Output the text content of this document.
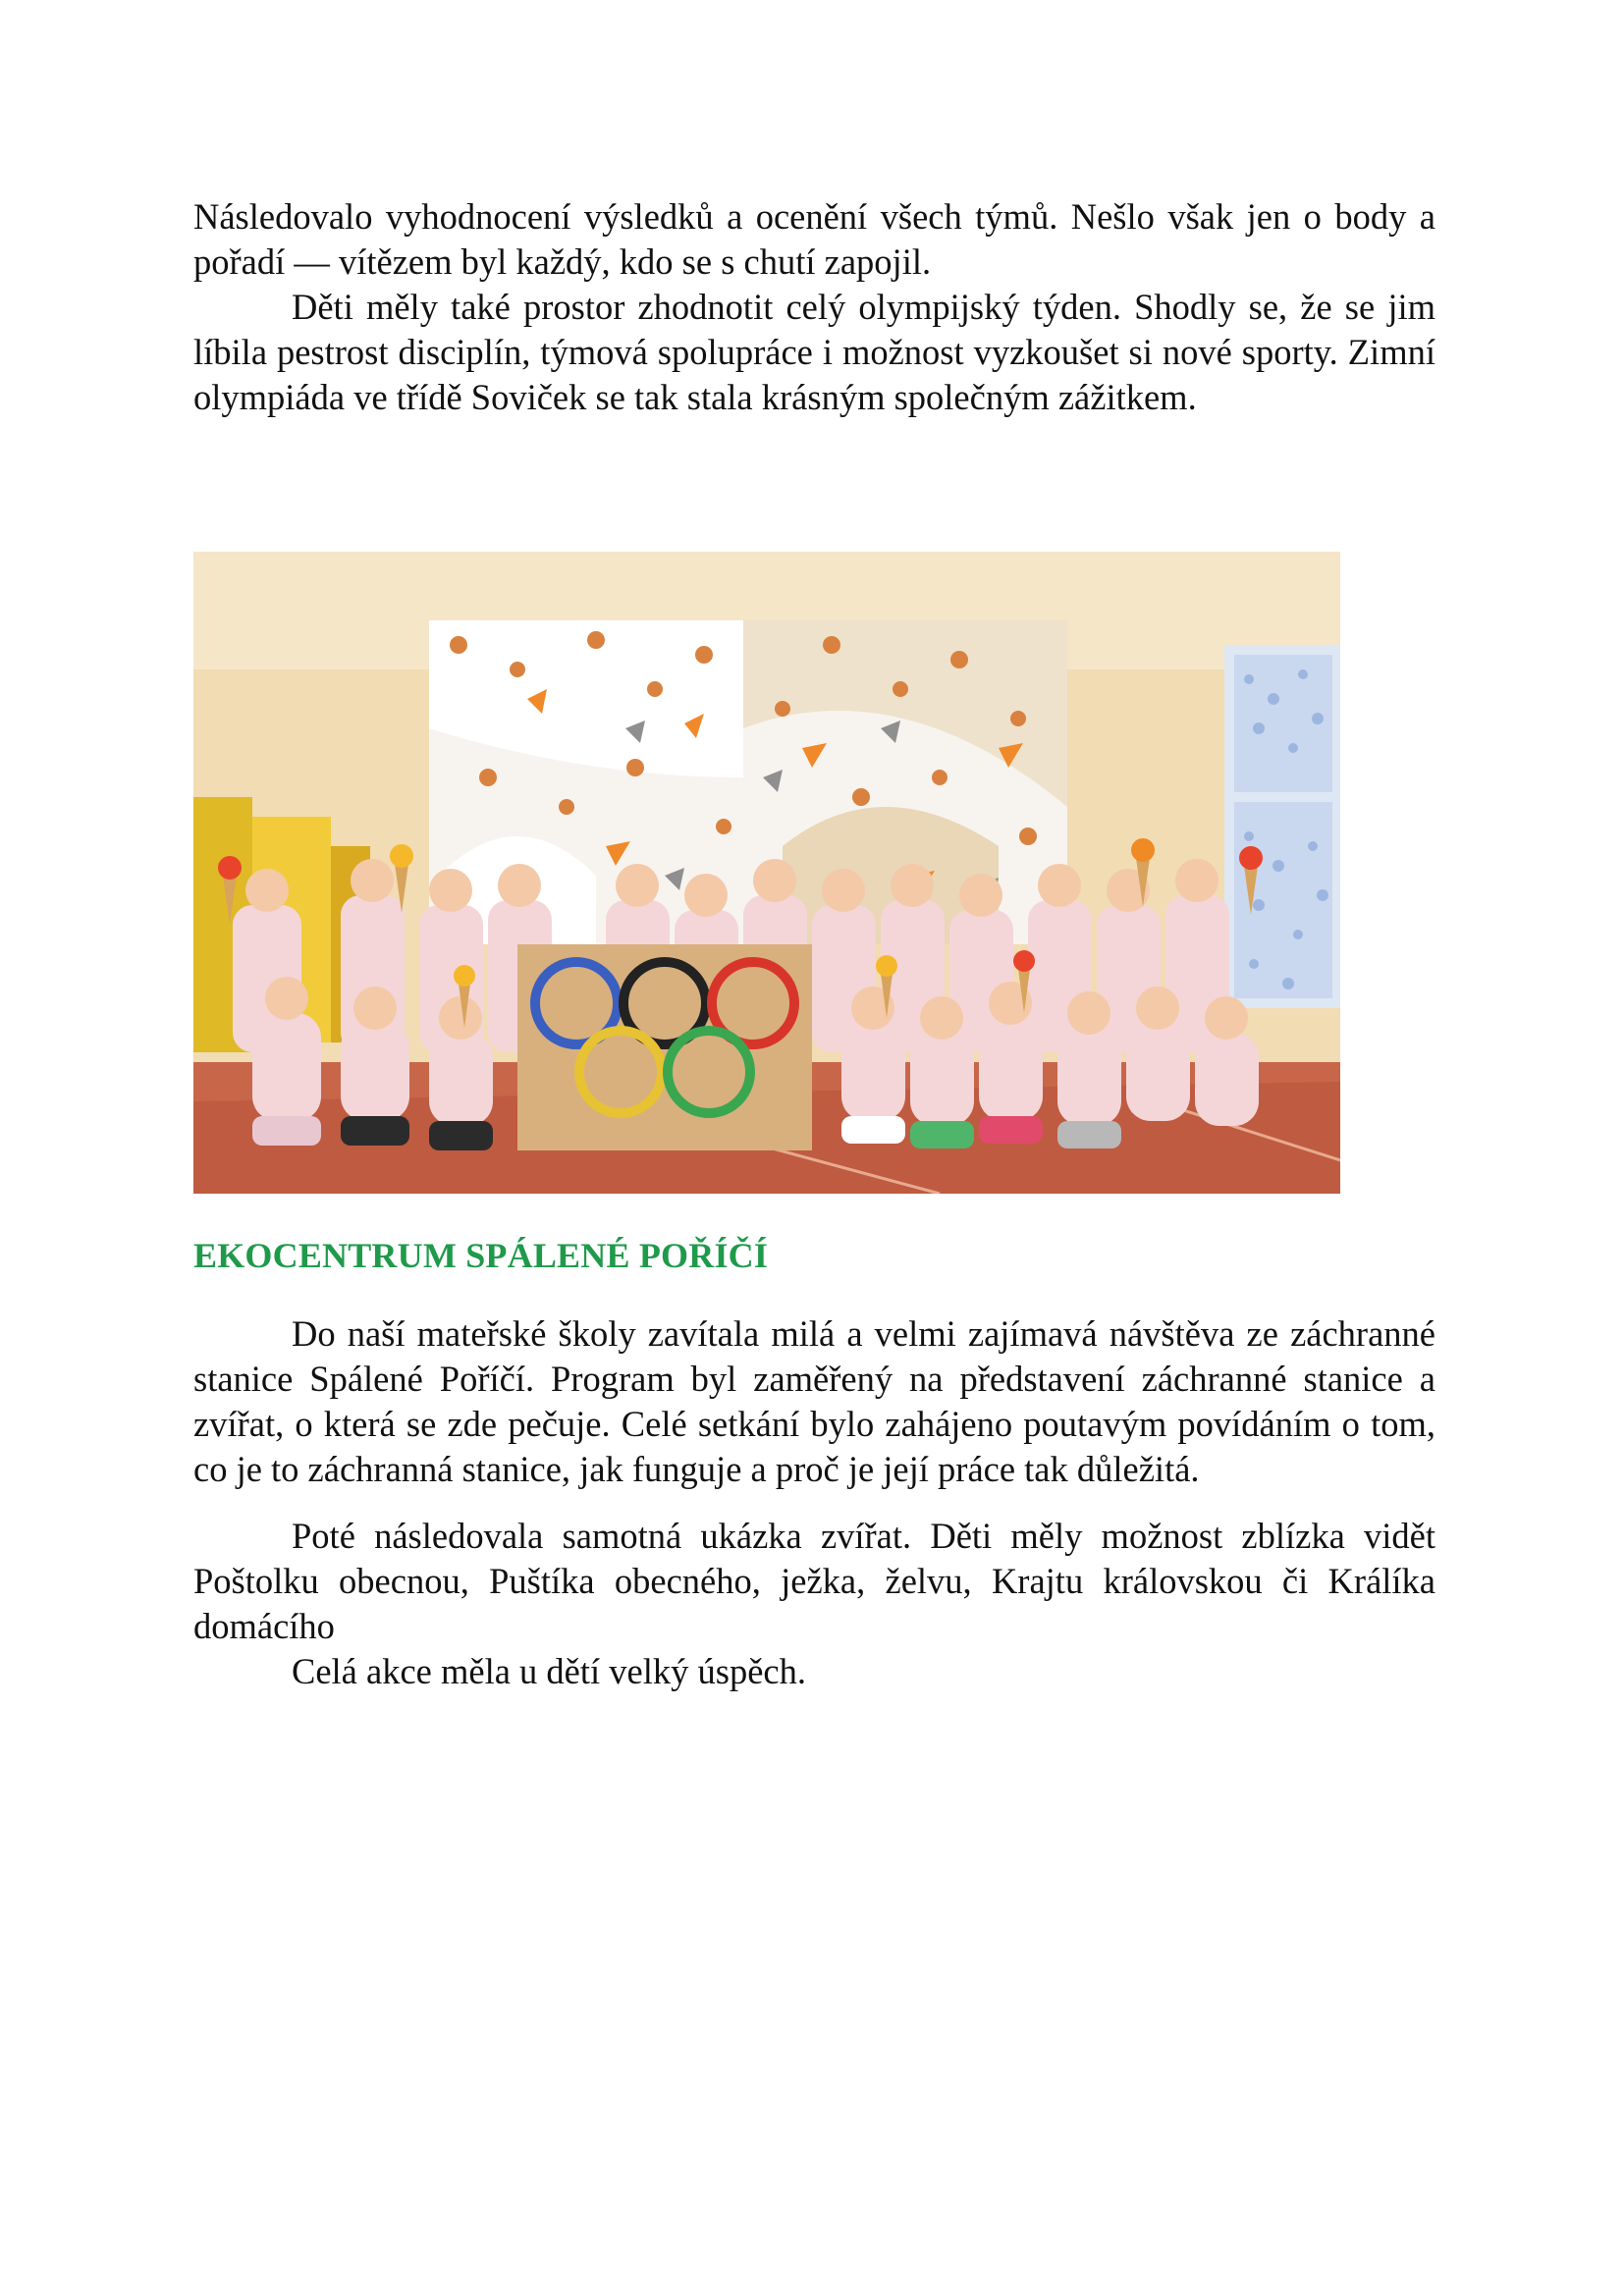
Následovalo vyhodnocení výsledků a ocenění všech týmů. Nešlo však jen o body a pořadí — vítězem byl každý, kdo se s chutí zapojil.

Děti měly také prostor zhodnotit celý olympijský týden. Shodly se, že se jim líbila pestrost disciplín, týmová spolupráce i možnost vyzkoušet si nové sporty. Zimní olympiáda ve třídě Soviček se tak stala krásným společným zážitkem.

EKOCENTRUM SPÁLENÉ POŘÍČÍ

Do naší mateřské školy zavítala milá a velmi zajímavá návštěva ze záchranné stanice Spálené Poříčí. Program byl zaměřený na představení záchranné stanice a zvířat, o která se zde pečuje. Celé setkání bylo zahájeno poutavým povídáním o tom, co je to záchranná stanice, jak funguje a proč je její práce tak důležitá.

Poté následovala samotná ukázka zvířat. Děti měly možnost zblízka vidět Poštolku obecnou, Puštíka obecného, ježka, želvu, Krajtu královskou či Králíka domácího

Celá akce měla u dětí velký úspěch.
